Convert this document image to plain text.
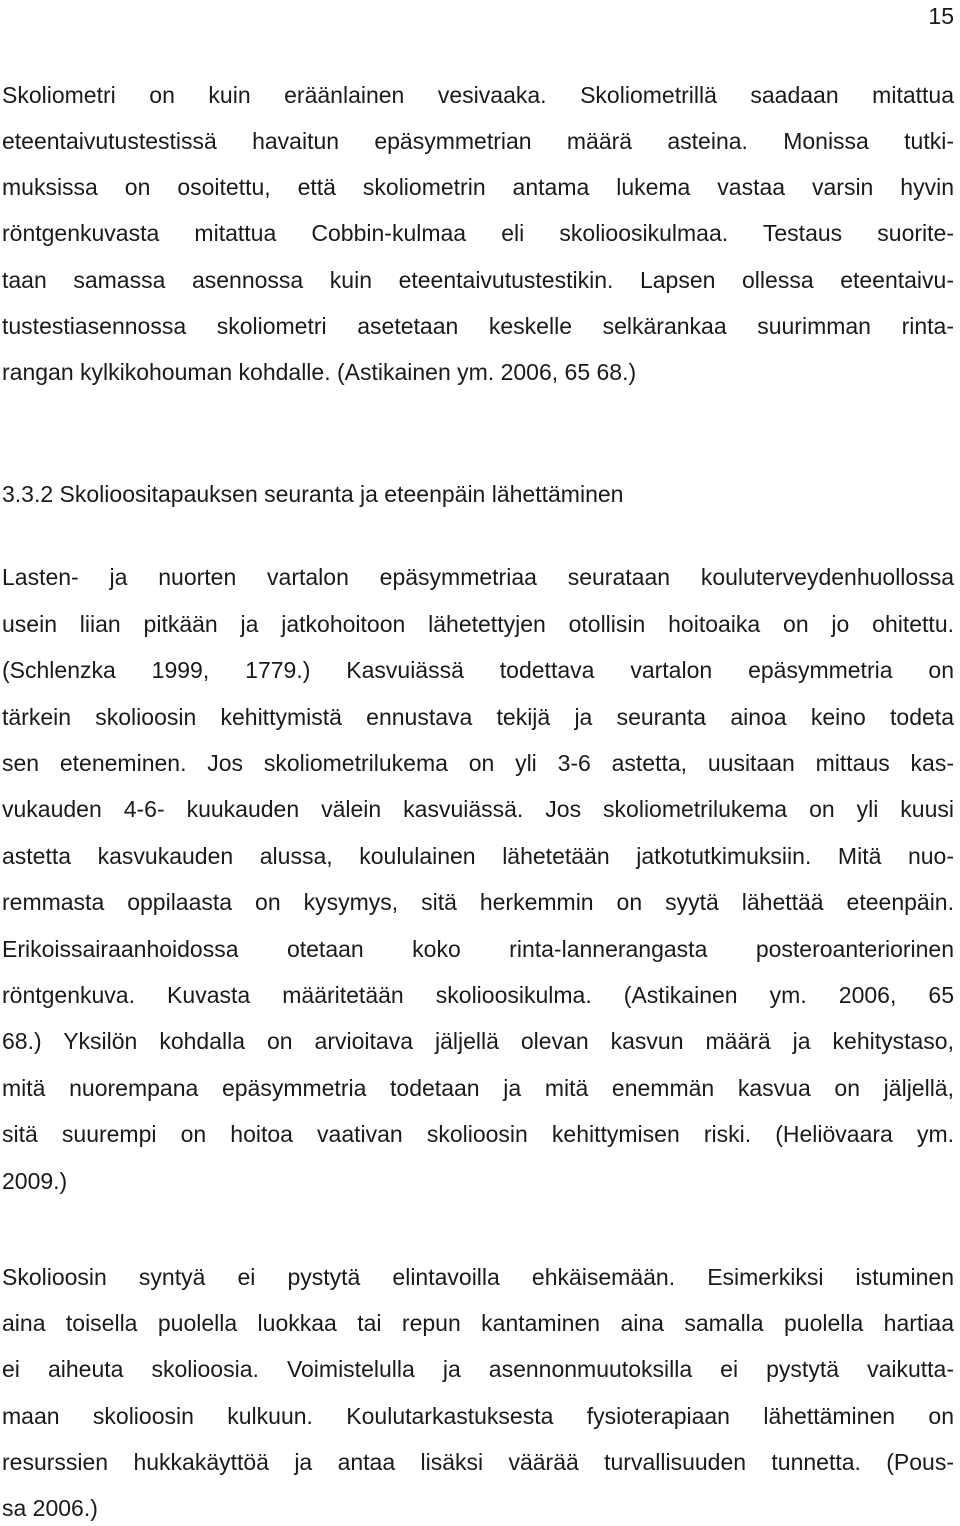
15
Skoliometri on kuin eräänlainen vesivaaka. Skoliometrillä saadaan mitattua
eteentaivutustestissä havaitun epäsymmetrian määrä asteina. Monissa tutki-
muksissa on osoitettu, että skoliometrin antama lukema vastaa varsin hyvin
röntgenkuvasta mitattua Cobbin-kulmaa eli skolioosikulmaa. Testaus suorite-
taan samassa asennossa kuin eteentaivutustestikin. Lapsen ollessa eteentaivu-
tustestiasennossa skoliometri asetetaan keskelle selkärankaa suurimman rinta-
rangan kylkikohouman kohdalle. (Astikainen ym. 2006, 65 68.)
3.3.2 Skolioositapauksen seuranta ja eteenpäin lähettäminen
Lasten- ja nuorten vartalon epäsymmetriaa seurataan kouluterveydenhuollossa
usein liian pitkään ja jatkohoitoon lähetettyjen otollisin hoitoaika on jo ohitettu.
(Schlenzka 1999, 1779.) Kasvuiässä todettava vartalon epäsymmetria on
tärkein skolioosin kehittymistä ennustava tekijä ja seuranta ainoa keino todeta
sen eteneminen. Jos skoliometrilukema on yli 3-6 astetta, uusitaan mittaus kas-
vukauden 4-6- kuukauden välein kasvuiässä. Jos skoliometrilukema on yli kuusi
astetta kasvukauden alussa, koululainen lähetetään jatkotutkimuksiin. Mitä nuo-
remmasta oppilaasta on kysymys, sitä herkemmin on syytä lähettää eteenpäin.
Erikoissairaanhoidossa otetaan koko rinta-lannerangasta posteroanteriorinen
röntgenkuva. Kuvasta määritetään skolioosikulma. (Astikainen ym. 2006, 65
68.) Yksilön kohdalla on arvioitava jäljellä olevan kasvun määrä ja kehitystaso,
mitä nuorempana epäsymmetria todetaan ja mitä enemmän kasvua on jäljellä,
sitä suurempi on hoitoa vaativan skolioosin kehittymisen riski. (Heliövaara ym.
2009.)
Skolioosin syntyä ei pystytä elintavoilla ehkäisemään. Esimerkiksi istuminen
aina toisella puolella luokkaa tai repun kantaminen aina samalla puolella hartiaa
ei aiheuta skolioosia. Voimistelulla ja asennonmuutoksilla ei pystytä vaikutta-
maan skolioosin kulkuun. Koulutarkastuksesta fysioterapiaan lähettäminen on
resurssien hukkakäyttöä ja antaa lisäksi väärää turvallisuuden tunnetta. (Pous-
sa 2006.)
